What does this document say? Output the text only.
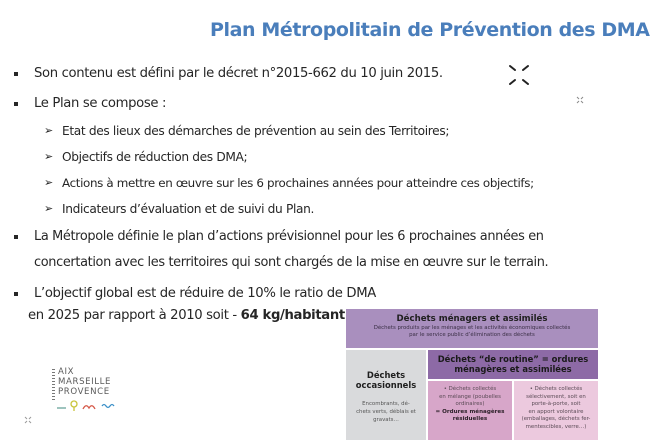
Plan Métropolitain de Prévention des DMA
Son contenu est défini par le décret n°2015-662 du 10 juin 2015.
Le Plan se compose :
➢ Etat des lieux des démarches de prévention au sein des Territoires;
➢ Objectifs de réduction des DMA;
➢ Actions à mettre en œuvre sur les 6 prochaines années pour atteindre ces objectifs;
➢ Indicateurs d’évaluation et de suivi du Plan.
La Métropole définie le plan d’actions prévisionnel pour les 6 prochaines années en
concertation avec les territoires qui sont chargés de la mise en œuvre sur le terrain.
L’objectif global est de réduire de 10% le ratio de DMA
en 2025 par rapport à 2010 soit - 64 kg/habitant	Déchets ménagers et assimilés
Déchets produits par les ménages et les activités économiques collectés
par le service public d’élimination des déchets
Déchets
occasionnels
Encombrants, dé-
chets verts, déblais et
gravats…
Déchets “de routine” = ordures
ménagères et assimilées
• Déchets collectés
en mélange (poubelles
ordinaires)
= Ordures ménagères
résiduelles
• Déchets collectés
sélectivement, soit en
porte-à-porte, soit
en apport volontaire
(emballages, déchets fer-
mentescibles, verre…)
AIX
MARSEILLE
PROVENCE
